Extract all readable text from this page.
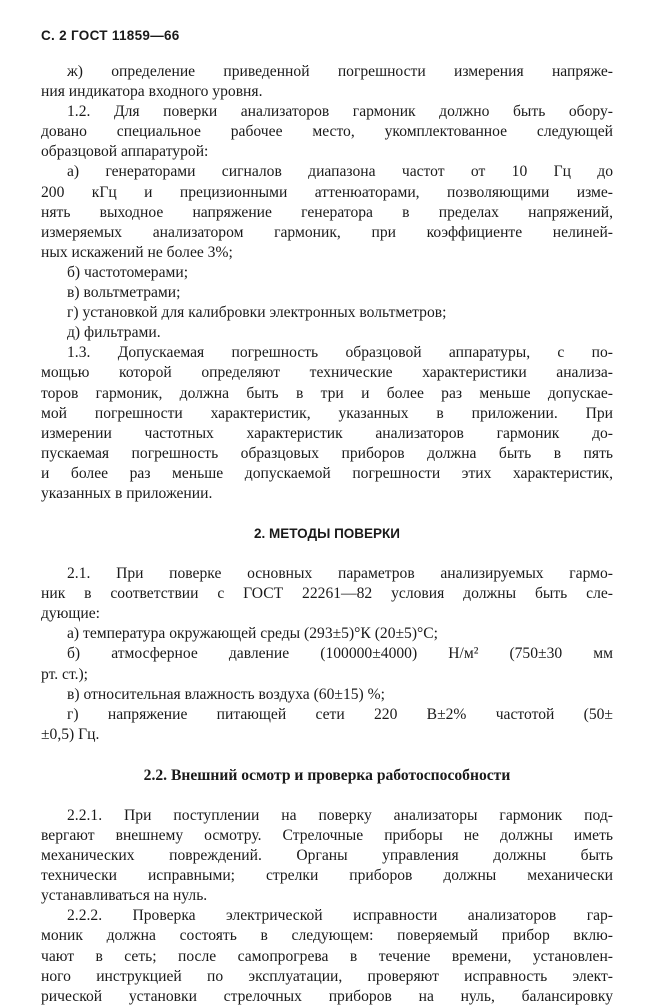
С. 2 ГОСТ 11859—66
ж) определение приведенной погрешности измерения напряже-
ния индикатора входного уровня.
1.2. Для поверки анализаторов гармоник должно быть обору-
довано специальное рабочее место, укомплектованное следующей
образцовой аппаратурой:
а) генераторами сигналов диапазона частот от 10 Гц до
200 кГц и прецизионными аттенюаторами, позволяющими изме-
нять выходное напряжение генератора в пределах напряжений,
измеряемых анализатором гармоник, при коэффициенте нелиней-
ных искажений не более 3%;
б) частотомерами;
в) вольтметрами;
г) установкой для калибровки электронных вольтметров;
д) фильтрами.
1.3. Допускаемая погрешность образцовой аппаратуры, с по-
мощью которой определяют технические характеристики анализа-
торов гармоник, должна быть в три и более раз меньше допускае-
мой погрешности характеристик, указанных в приложении. При
измерении частотных характеристик анализаторов гармоник до-
пускаемая погрешность образцовых приборов должна быть в пять
и более раз меньше допускаемой погрешности этих характеристик,
указанных в приложении.
2. МЕТОДЫ ПОВЕРКИ
2.1. При поверке основных параметров анализируемых гармо-
ник в соответствии с ГОСТ 22261—82 условия должны быть сле-
дующие:
а) температура окружающей среды (293±5)°К (20±5)°С;
б) атмосферное давление (100000±4000) Н/м² (750±30 мм
рт. ст.);
в) относительная влажность воздуха (60±15) %;
г) напряжение питающей сети 220 В±2% частотой (50±
±0,5) Гц.
2.2. Внешний осмотр и проверка работоспособности
2.2.1. При поступлении на поверку анализаторы гармоник под-
вергают внешнему осмотру. Стрелочные приборы не должны иметь
механических повреждений. Органы управления должны быть
технически исправными; стрелки приборов должны механически
устанавливаться на нуль.
2.2.2. Проверка электрической исправности анализаторов гар-
моник должна состоять в следующем: поверяемый прибор вклю-
чают в сеть; после самопрогрева в течение времени, установлен-
ного инструкцией по эксплуатации, проверяют исправность элект-
рической установки стрелочных приборов на нуль, балансировку
